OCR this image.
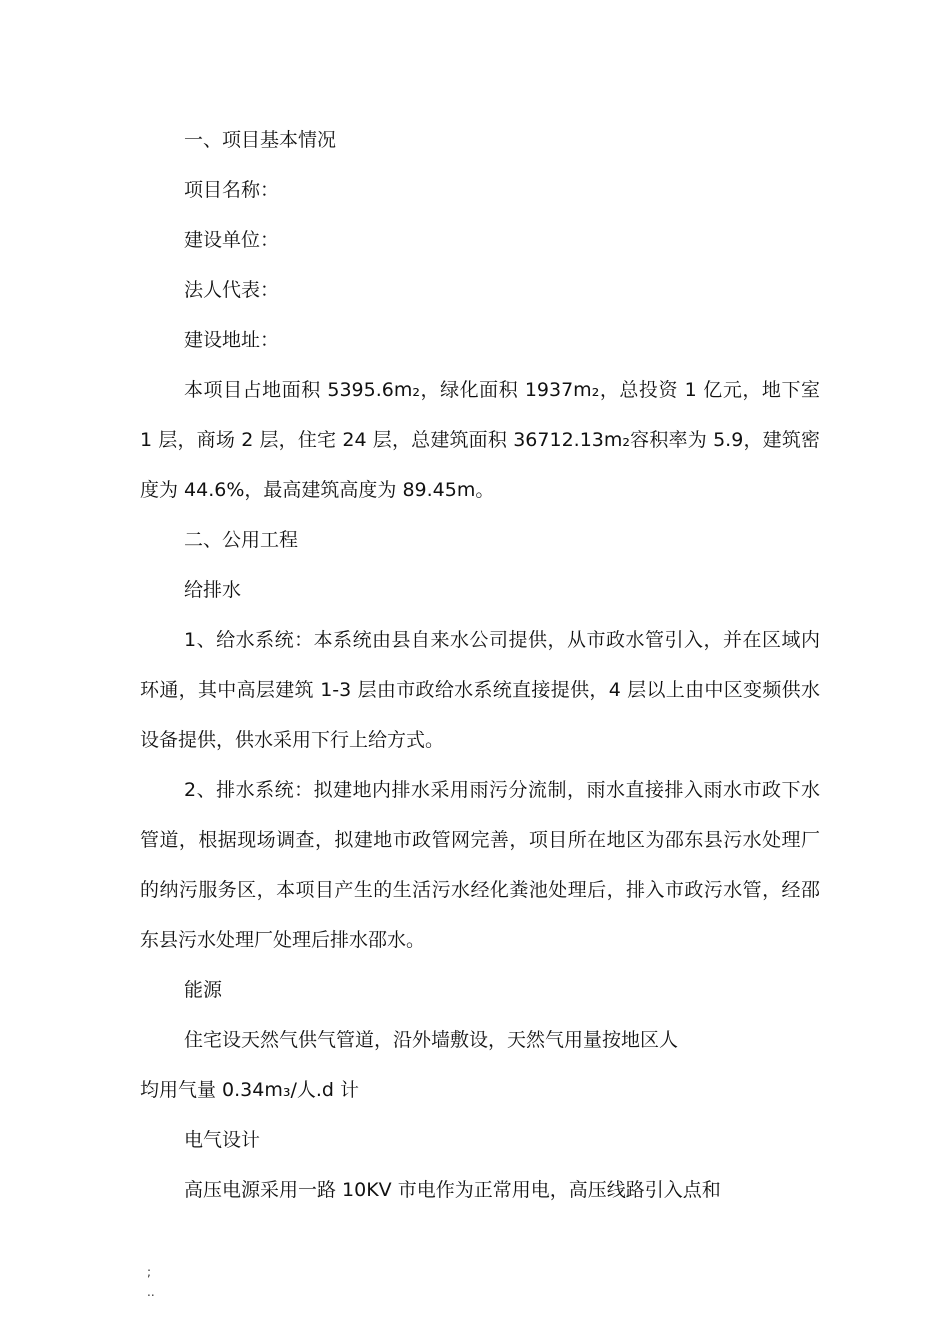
一、项目基本情况

项目名称：

建设单位：

法人代表：

建设地址：

本项目占地面积 5395.6m₂，绿化面积 1937m₂，总投资 1 亿元，地下室 1 层，商场 2 层，住宅 24 层，总建筑面积 36712.13m₂容积率为 5.9，建筑密度为 44.6%，最高建筑高度为 89.45m。

二、公用工程

给排水

1、给水系统：本系统由县自来水公司提供，从市政水管引入，并在区域内环通，其中高层建筑 1-3 层由市政给水系统直接提供，4 层以上由中区变频供水设备提供，供水采用下行上给方式。

2、排水系统：拟建地内排水采用雨污分流制，雨水直接排入雨水市政下水管道，根据现场调查，拟建地市政管网完善，项目所在地区为邵东县污水处理厂的纳污服务区，本项目产生的生活污水经化粪池处理后，排入市政污水管，经邵东县污水处理厂处理后排水邵水。

能源

住宅设天然气供气管道，沿外墙敷设，天然气用量按地区人

均用气量 0.34m₃/人.d 计

电气设计

高压电源采用一路 10KV 市电作为正常用电，高压线路引入点和

;
..
